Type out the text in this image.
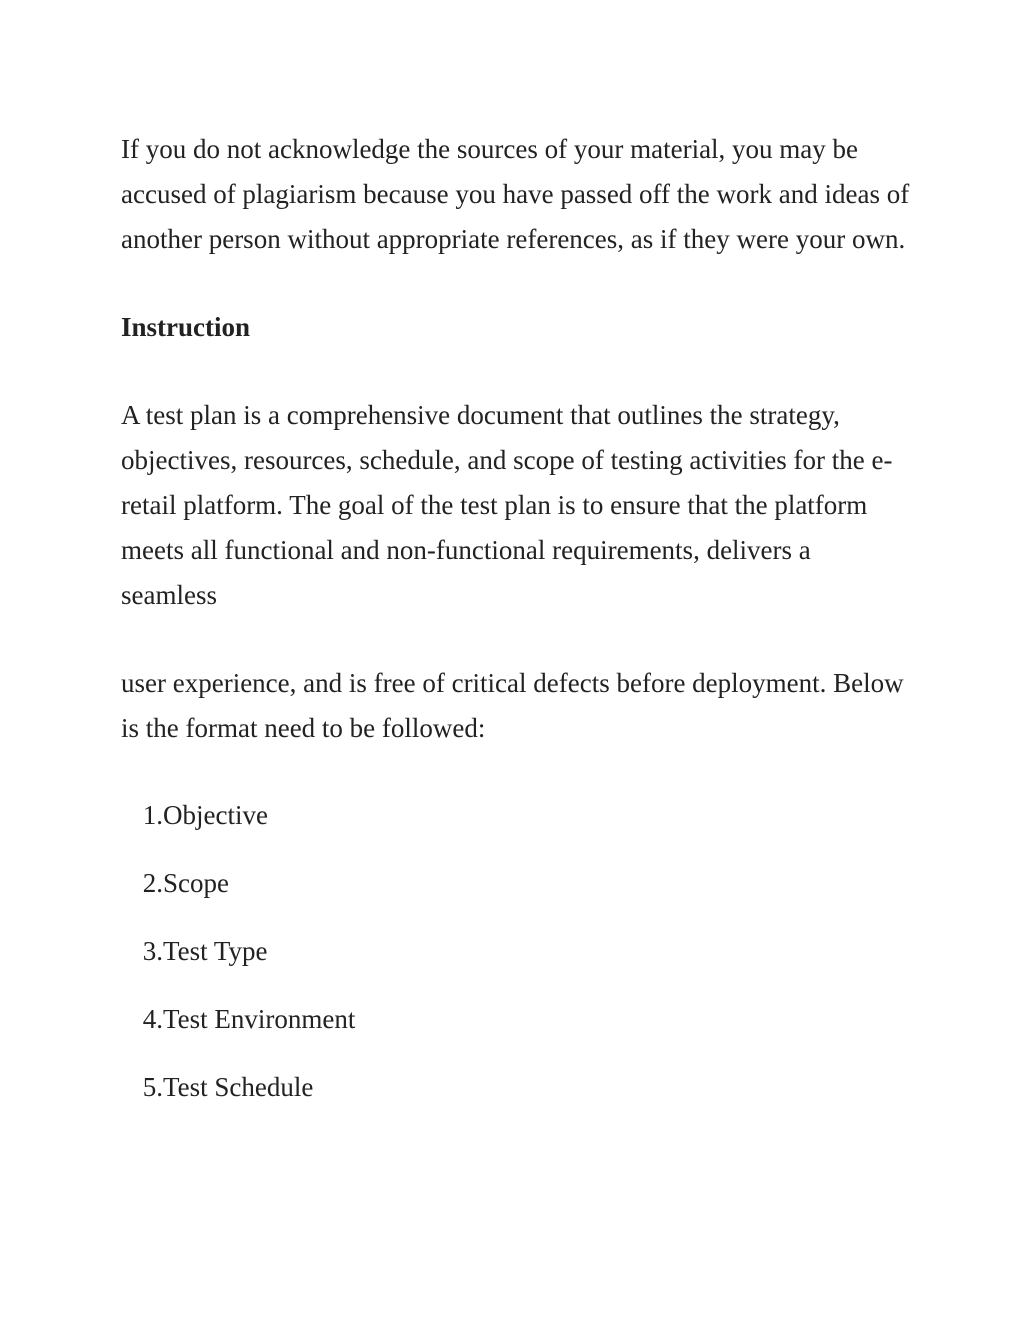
If you do not acknowledge the sources of your material, you may be accused of plagiarism because you have passed off the work and ideas of another person without appropriate references, as if they were your own.

Instruction

A test plan is a comprehensive document that outlines the strategy, objectives, resources, schedule, and scope of testing activities for the e-retail platform. The goal of the test plan is to ensure that the platform meets all functional and non-functional requirements, delivers a seamless

user experience, and is free of critical defects before deployment. Below is the format need to be followed:

1. Objective
2. Scope
3. Test Type
4. Test Environment
5. Test Schedule
